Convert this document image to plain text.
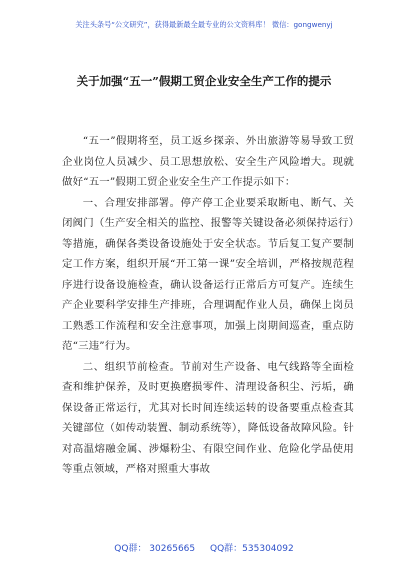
关注头条号“公文研究”，获得最新最全最专业的公文资料库！ 微信：gongwenyj
关于加强“五一”假期工贸企业安全生产工作的提示

“五一”假期将至，员工返乡探亲、外出旅游等易导致工贸企业岗位人员减少、员工思想放松、安全生产风险增大。现就做好“五一”假期工贸企业安全生产工作提示如下：

一、合理安排部署。停产停工企业要采取断电、断气、关闭阀门（生产安全相关的监控、报警等关键设备必须保持运行）等措施，确保各类设备设施处于安全状态。节后复工复产要制定工作方案，组织开展“开工第一课”安全培训，严格按规范程序进行设备设施检查，确认设备运行正常后方可复产。连续生产企业要科学安排生产排班，合理调配作业人员，确保上岗员工熟悉工作流程和安全注意事项，加强上岗期间巡查，重点防范“三违”行为。

二、组织节前检查。节前对生产设备、电气线路等全面检查和维护保养，及时更换磨损零件、清理设备积尘、污垢，确保设备正常运行，尤其对长时间连续运转的设备要重点检查其关键部位（如传动装置、制动系统等），降低设备故障风险。针对高温熔融金属、涉爆粉尘、有限空间作业、危险化学品使用等重点领域，严格对照重大事故

QQ群： 30265665 QQ群：535304092
